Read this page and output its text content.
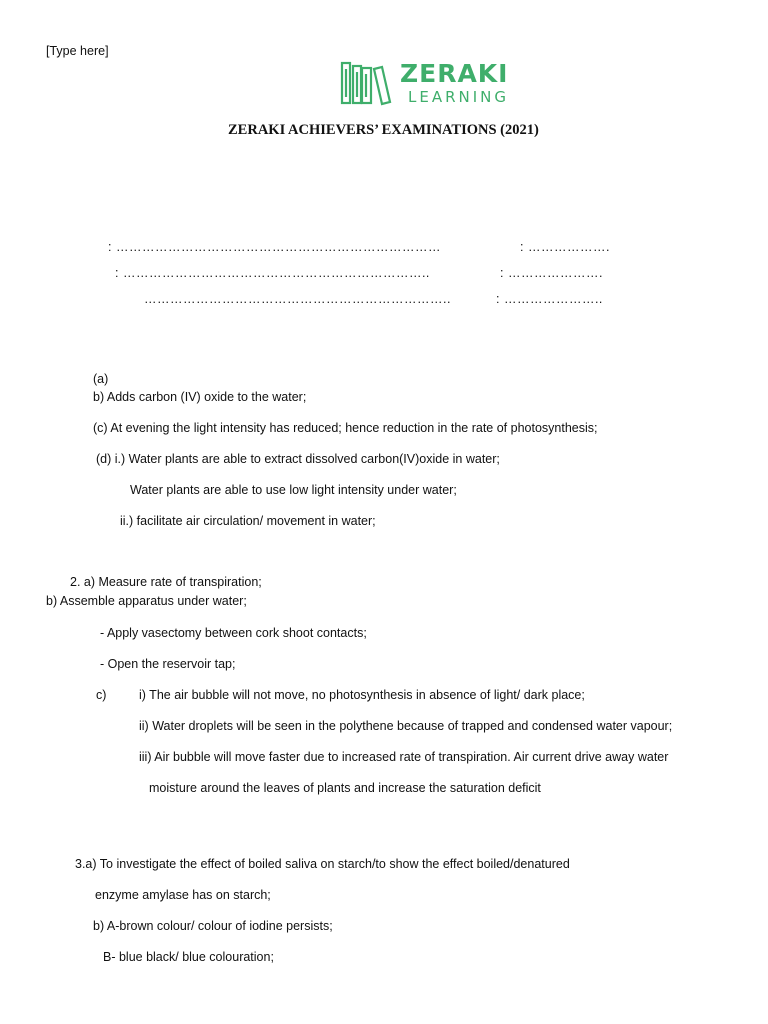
[Type here]
ZERAKI
LEARNING
ZERAKI ACHIEVERS’ EXAMINATIONS (2021)
: …………………………………………………………………	: ……………….
: ……………………………………………………………..	: ………………….
……………………………………………………………..	: …………………..
(a)
b) Adds carbon (IV) oxide to the water;
(c) At evening the light intensity has reduced; hence reduction in the rate of photosynthesis;
(d) i.) Water plants are able to extract dissolved carbon(IV)oxide in water;
Water plants are able to use low light intensity under water;
ii.) facilitate air circulation/ movement in water;
2. a) Measure rate of transpiration;
b) Assemble apparatus under water;
- Apply vasectomy between cork shoot contacts;
- Open the reservoir tap;
c)	i) The air bubble will not move, no photosynthesis in absence of light/ dark place;
ii) Water droplets will be seen in the polythene because of trapped and condensed water vapour;
iii) Air bubble will move faster due to increased rate of transpiration. Air current drive away water
moisture around the leaves of plants and increase the saturation deficit
3.a) To investigate the effect of boiled saliva on starch/to show the effect boiled/denatured
enzyme amylase has on starch;
b) A-brown colour/ colour of iodine persists;
B- blue black/ blue colouration;
